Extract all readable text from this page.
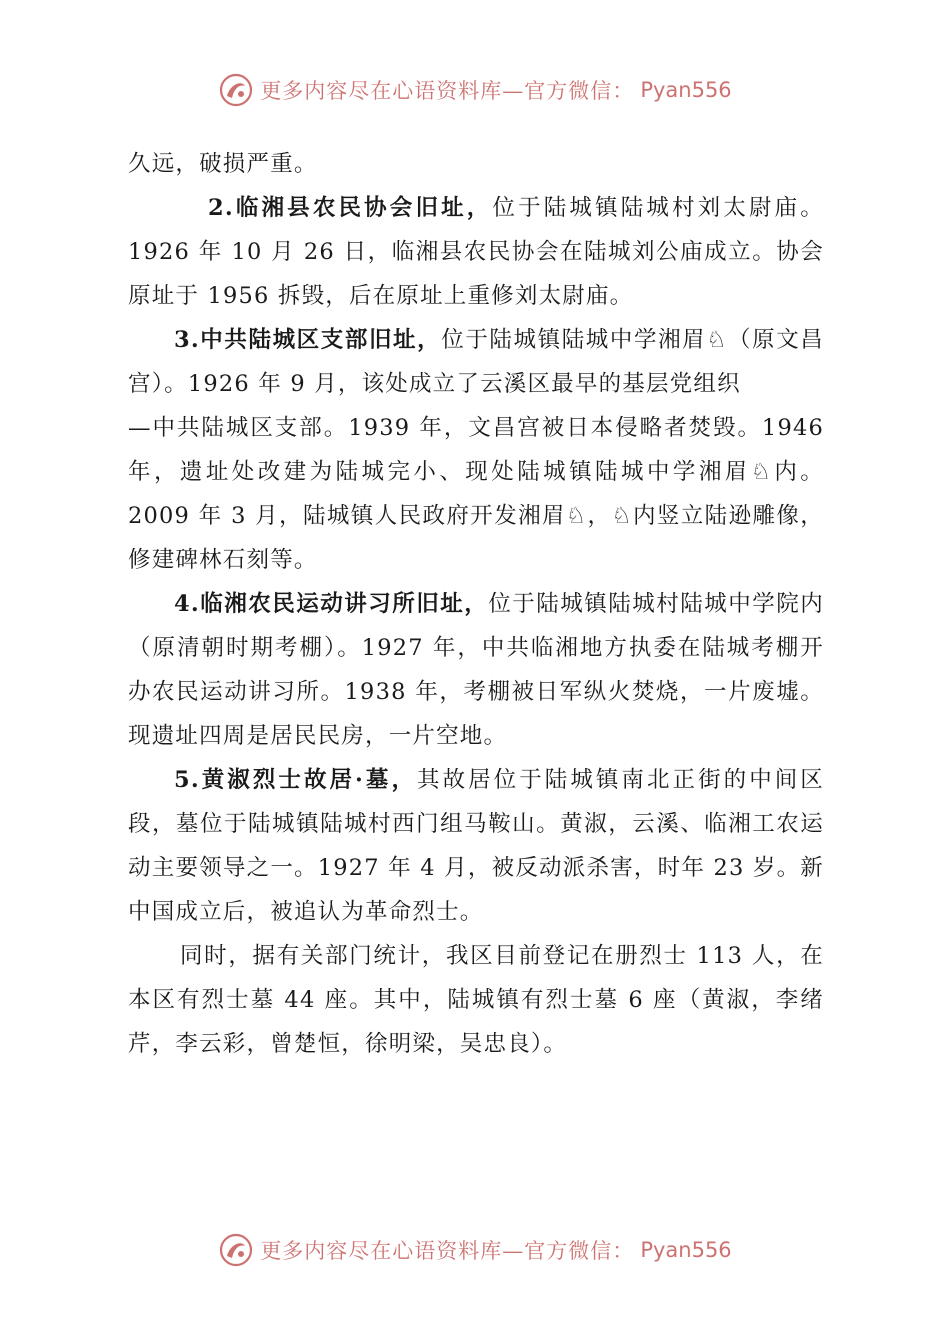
更多内容尽在心语资料库—官方微信： Pyan556

久远，破损严重。

2.临湘县农民协会旧址，位于陆城镇陆城村刘太尉庙。1926 年 10 月 26 日，临湘县农民协会在陆城刘公庙成立。协会原址于 1956 拆毁，后在原址上重修刘太尉庙。

3.中共陆城区支部旧址，位于陆城镇陆城中学湘眉♘（原文昌宫）。1926 年 9 月，该处成立了云溪区最早的基层党组织

—中共陆城区支部。1939 年，文昌宫被日本侵略者焚毁。1946 年，遗址处改建为陆城完小、现处陆城镇陆城中学湘眉♘内。2009 年 3 月，陆城镇人民政府开发湘眉♘，♘内竖立陆逊雕像，修建碑林石刻等。

4.临湘农民运动讲习所旧址，位于陆城镇陆城村陆城中学院内（原清朝时期考棚）。1927 年，中共临湘地方执委在陆城考棚开办农民运动讲习所。1938 年，考棚被日军纵火焚烧，一片废墟。现遗址四周是居民民房，一片空地。

5.黄淑烈士故居·墓，其故居位于陆城镇南北正街的中间区段，墓位于陆城镇陆城村西门组马鞍山。黄淑，云溪、临湘工农运动主要领导之一。1927 年 4 月，被反动派杀害，时年 23 岁。新中国成立后，被追认为革命烈士。

同时，据有关部门统计，我区目前登记在册烈士 113 人，在本区有烈士墓 44 座。其中，陆城镇有烈士墓 6 座（黄淑，李绪芹，李云彩，曾楚恒，徐明梁，吴忠良）。

更多内容尽在心语资料库—官方微信： Pyan556
